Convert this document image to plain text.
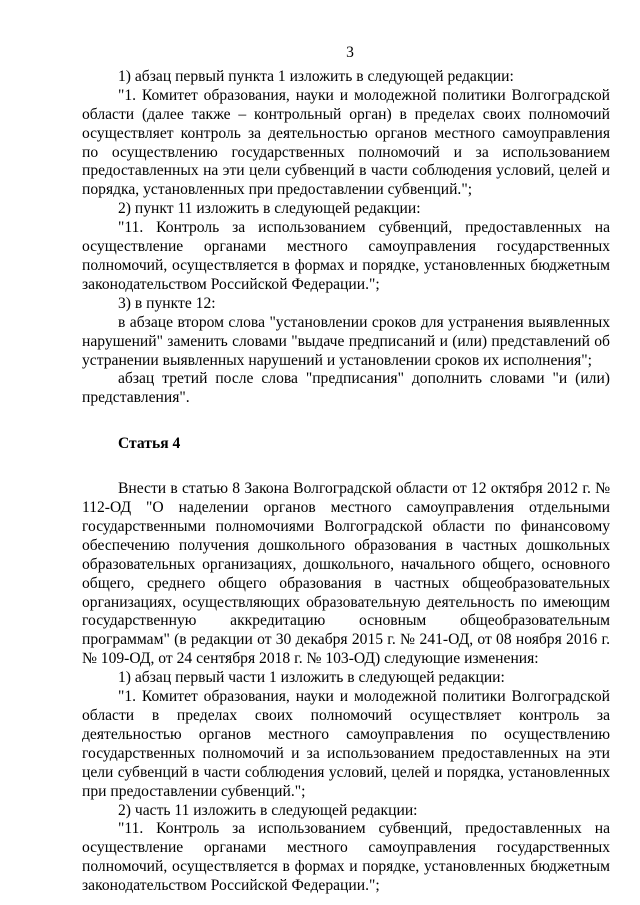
3

1) абзац первый пункта 1 изложить в следующей редакции:

"1. Комитет образования, науки и молодежной политики Волгоградской области (далее также – контрольный орган) в пределах своих полномочий осуществляет контроль за деятельностью органов местного самоуправления по осуществлению государственных полномочий и за использованием предоставленных на эти цели субвенций в части соблюдения условий, целей и порядка, установленных при предоставлении субвенций.";

2) пункт 11 изложить в следующей редакции:

"11. Контроль за использованием субвенций, предоставленных на осуществление органами местного самоуправления государственных полномочий, осуществляется в формах и порядке, установленных бюджетным законодательством Российской Федерации.";

3) в пункте 12:

в абзаце втором слова "установлении сроков для устранения выявленных нарушений" заменить словами "выдаче предписаний и (или) представлений об устранении выявленных нарушений и установлении сроков их исполнения";

абзац третий после слова "предписания" дополнить словами "и (или) представления".

Статья 4

Внести в статью 8 Закона Волгоградской области от 12 октября 2012 г. № 112-ОД "О наделении органов местного самоуправления отдельными государственными полномочиями Волгоградской области по финансовому обеспечению получения дошкольного образования в частных дошкольных образовательных организациях, дошкольного, начального общего, основного общего, среднего общего образования в частных общеобразовательных организациях, осуществляющих образовательную деятельность по имеющим государственную аккредитацию основным общеобразовательным программам" (в редакции от 30 декабря 2015 г. № 241-ОД, от 08 ноября 2016 г. № 109-ОД, от 24 сентября 2018 г. № 103-ОД) следующие изменения:

1) абзац первый части 1 изложить в следующей редакции:

"1. Комитет образования, науки и молодежной политики Волгоградской области в пределах своих полномочий осуществляет контроль за деятельностью органов местного самоуправления по осуществлению государственных полномочий и за использованием предоставленных на эти цели субвенций в части соблюдения условий, целей и порядка, установленных при предоставлении субвенций.";

2) часть 11 изложить в следующей редакции:

"11. Контроль за использованием субвенций, предоставленных на осуществление органами местного самоуправления государственных полномочий, осуществляется в формах и порядке, установленных бюджетным законодательством Российской Федерации.";
